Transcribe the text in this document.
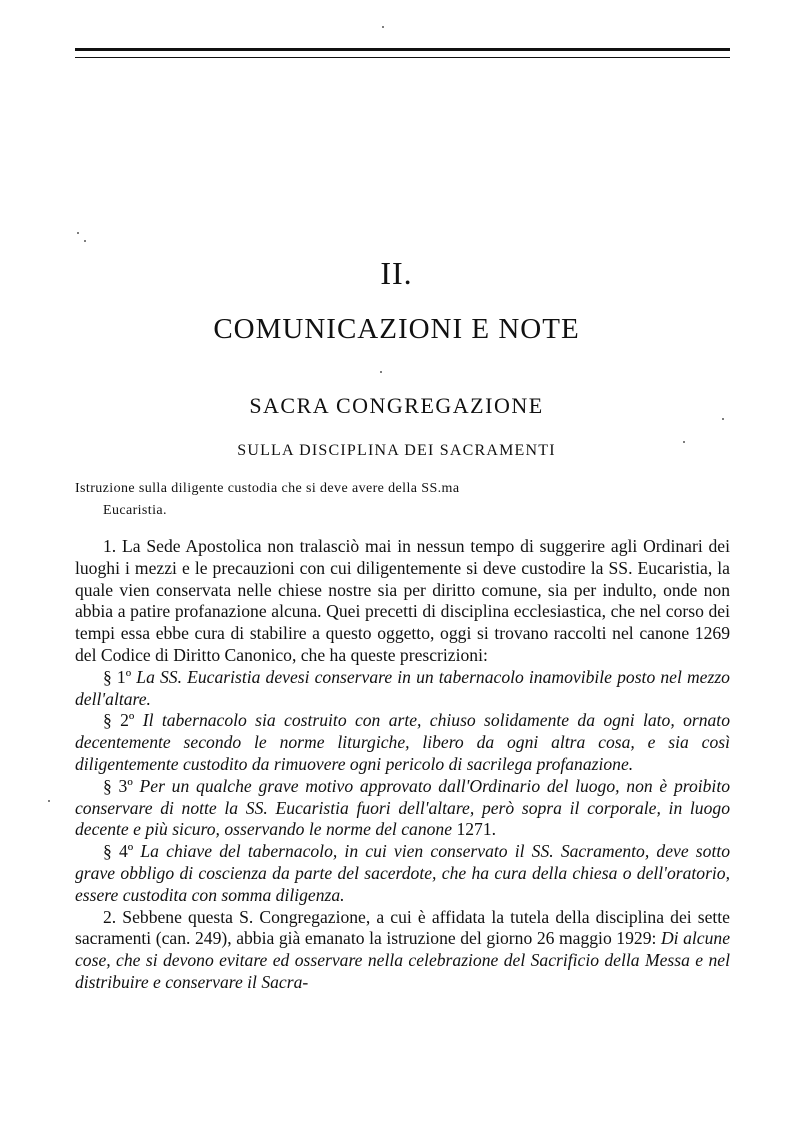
II.
COMUNICAZIONI E NOTE
SACRA CONGREGAZIONE
SULLA DISCIPLINA DEI SACRAMENTI
Istruzione sulla diligente custodia che si deve avere della SS.ma
Eucaristia.

1. La Sede Apostolica non tralasciò mai in nessun tempo di suggerire agli Ordinari dei luoghi i mezzi e le precauzioni con cui diligentemente si deve custodire la SS. Eucaristia, la quale vien conservata nelle chiese nostre sia per diritto comune, sia per indulto, onde non abbia a patire profanazione alcuna. Quei precetti di disciplina ecclesiastica, che nel corso dei tempi essa ebbe cura di stabilire a questo oggetto, oggi si trovano raccolti nel canone 1269 del Codice di Diritto Canonico, che ha queste prescrizioni:

§ 1º La SS. Eucaristia devesi conservare in un tabernacolo inamovibile posto nel mezzo dell'altare.

§ 2º Il tabernacolo sia costruito con arte, chiuso solidamente da ogni lato, ornato decentemente secondo le norme liturgiche, libero da ogni altra cosa, e sia così diligentemente custodito da rimuovere ogni pericolo di sacrilega profanazione.

§ 3º Per un qualche grave motivo approvato dall'Ordinario del luogo, non è proibito conservare di notte la SS. Eucaristia fuori dell'altare, però sopra il corporale, in luogo decente e più sicuro, osservando le norme del canone 1271.

§ 4º La chiave del tabernacolo, in cui vien conservato il SS. Sacramento, deve sotto grave obbligo di coscienza da parte del sacerdote, che ha cura della chiesa o dell'oratorio, essere custodita con somma diligenza.

2. Sebbene questa S. Congregazione, a cui è affidata la tutela della disciplina dei sette sacramenti (can. 249), abbia già emanato la istruzione del giorno 26 maggio 1929: Di alcune cose, che si devono evitare ed osservare nella celebrazione del Sacrificio della Messa e nel distribuire e conservare il Sacra-
